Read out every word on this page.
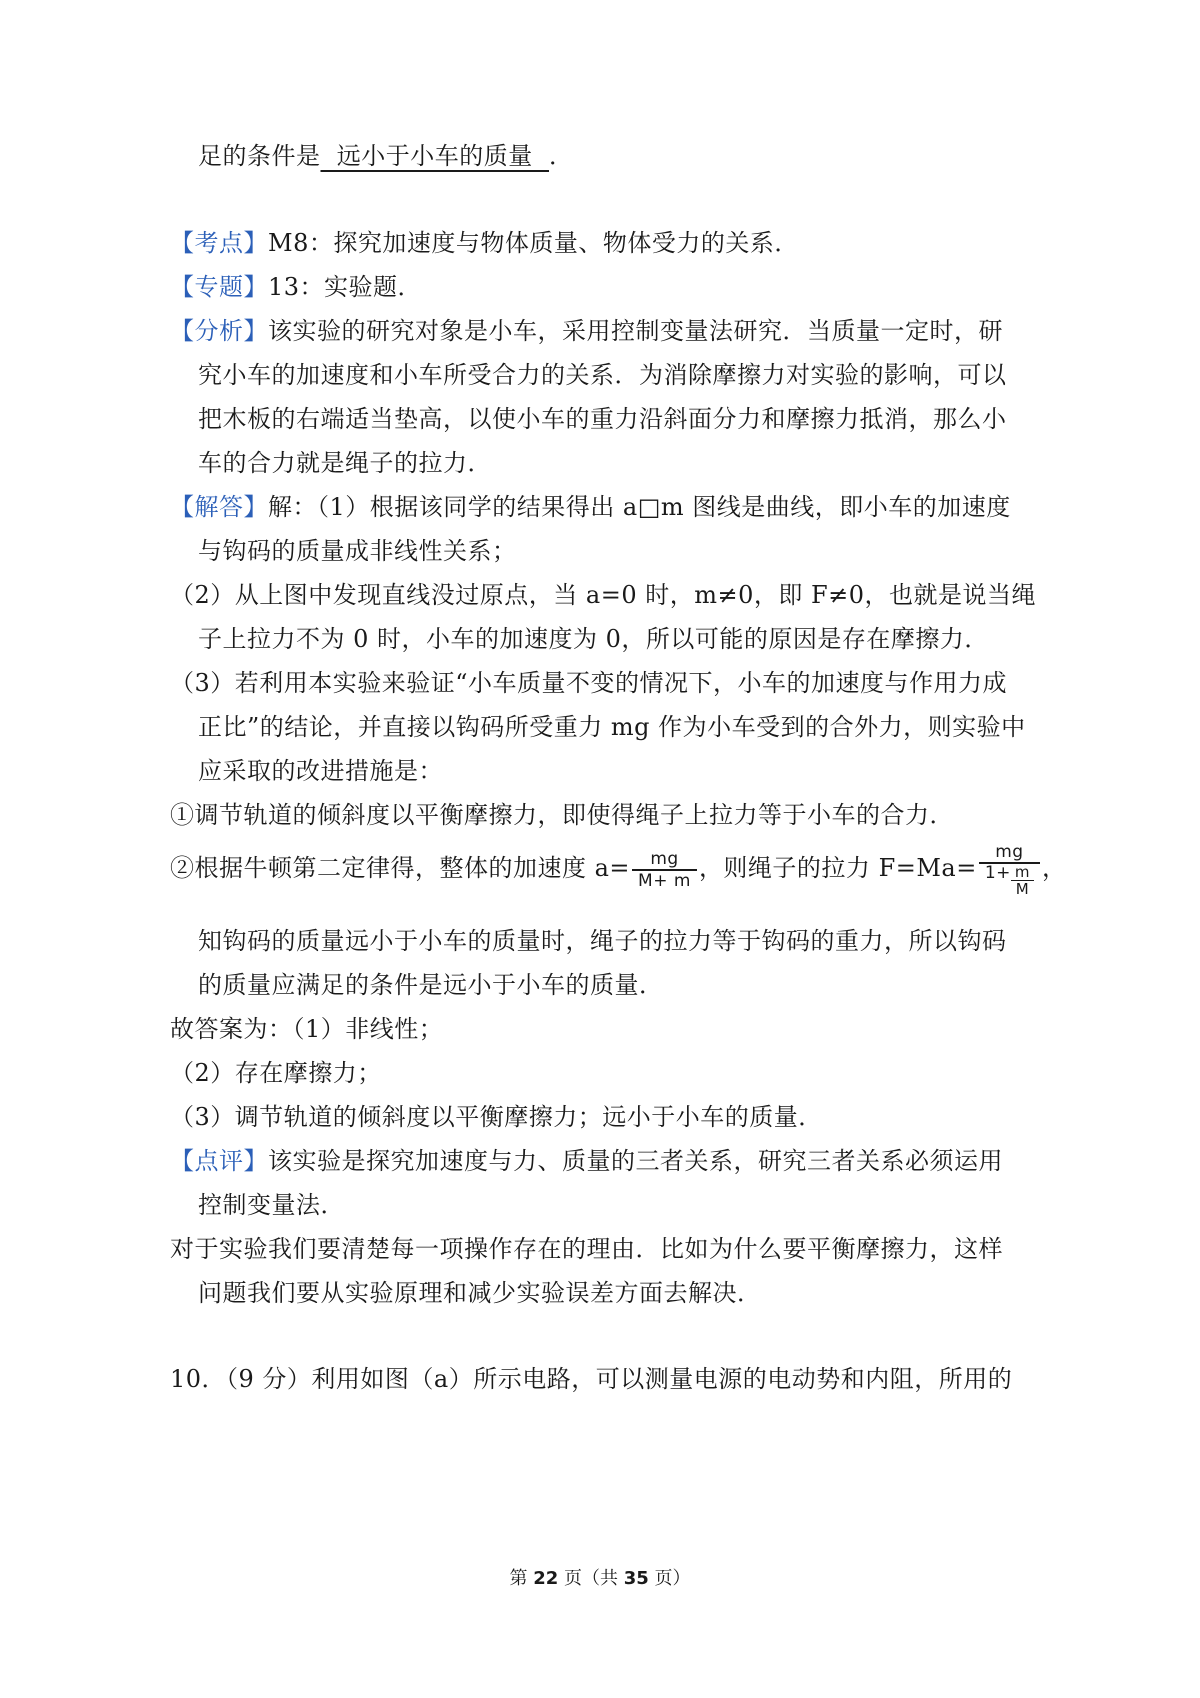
足的条件是  远小于小车的质量  ．
【考点】M8：探究加速度与物体质量、物体受力的关系．
【专题】13：实验题．
【分析】该实验的研究对象是小车，采用控制变量法研究．当质量一定时，研
究小车的加速度和小车所受合力的关系．为消除摩擦力对实验的影响，可以
把木板的右端适当垫高，以使小车的重力沿斜面分力和摩擦力抵消，那么小
车的合力就是绳子的拉力．
【解答】解：（1）根据该同学的结果得出 a□m 图线是曲线，即小车的加速度
与钩码的质量成非线性关系；
（2）从上图中发现直线没过原点，当 a=0 时，m≠0，即 F≠0，也就是说当绳
子上拉力不为 0 时，小车的加速度为 0，所以可能的原因是存在摩擦力．
（3）若利用本实验来验证“小车质量不变的情况下，小车的加速度与作用力成
正比”的结论，并直接以钩码所受重力 mg 作为小车受到的合外力，则实验中
应采取的改进措施是：
①调节轨道的倾斜度以平衡摩擦力，即使得绳子上拉力等于小车的合力．
②根据牛顿第二定律得，整体的加速度 $a= \frac{mg}{M+ m}$ ，则绳子的拉力 $F=Ma= \frac{mg}{1+ \frac{m}{M}}$ ，
知钩码的质量远小于小车的质量时，绳子的拉力等于钩码的重力，所以钩码
的质量应满足的条件是远小于小车的质量．
故答案为：（1）非线性；
（2）存在摩擦力；
（3）调节轨道的倾斜度以平衡摩擦力；远小于小车的质量．
【点评】该实验是探究加速度与力、质量的三者关系，研究三者关系必须运用
控制变量法．
对于实验我们要清楚每一项操作存在的理由．比如为什么要平衡摩擦力，这样
问题我们要从实验原理和减少实验误差方面去解决．
10．（9 分）利用如图（a）所示电路，可以测量电源的电动势和内阻，所用的
第 22 页（共 35 页）
